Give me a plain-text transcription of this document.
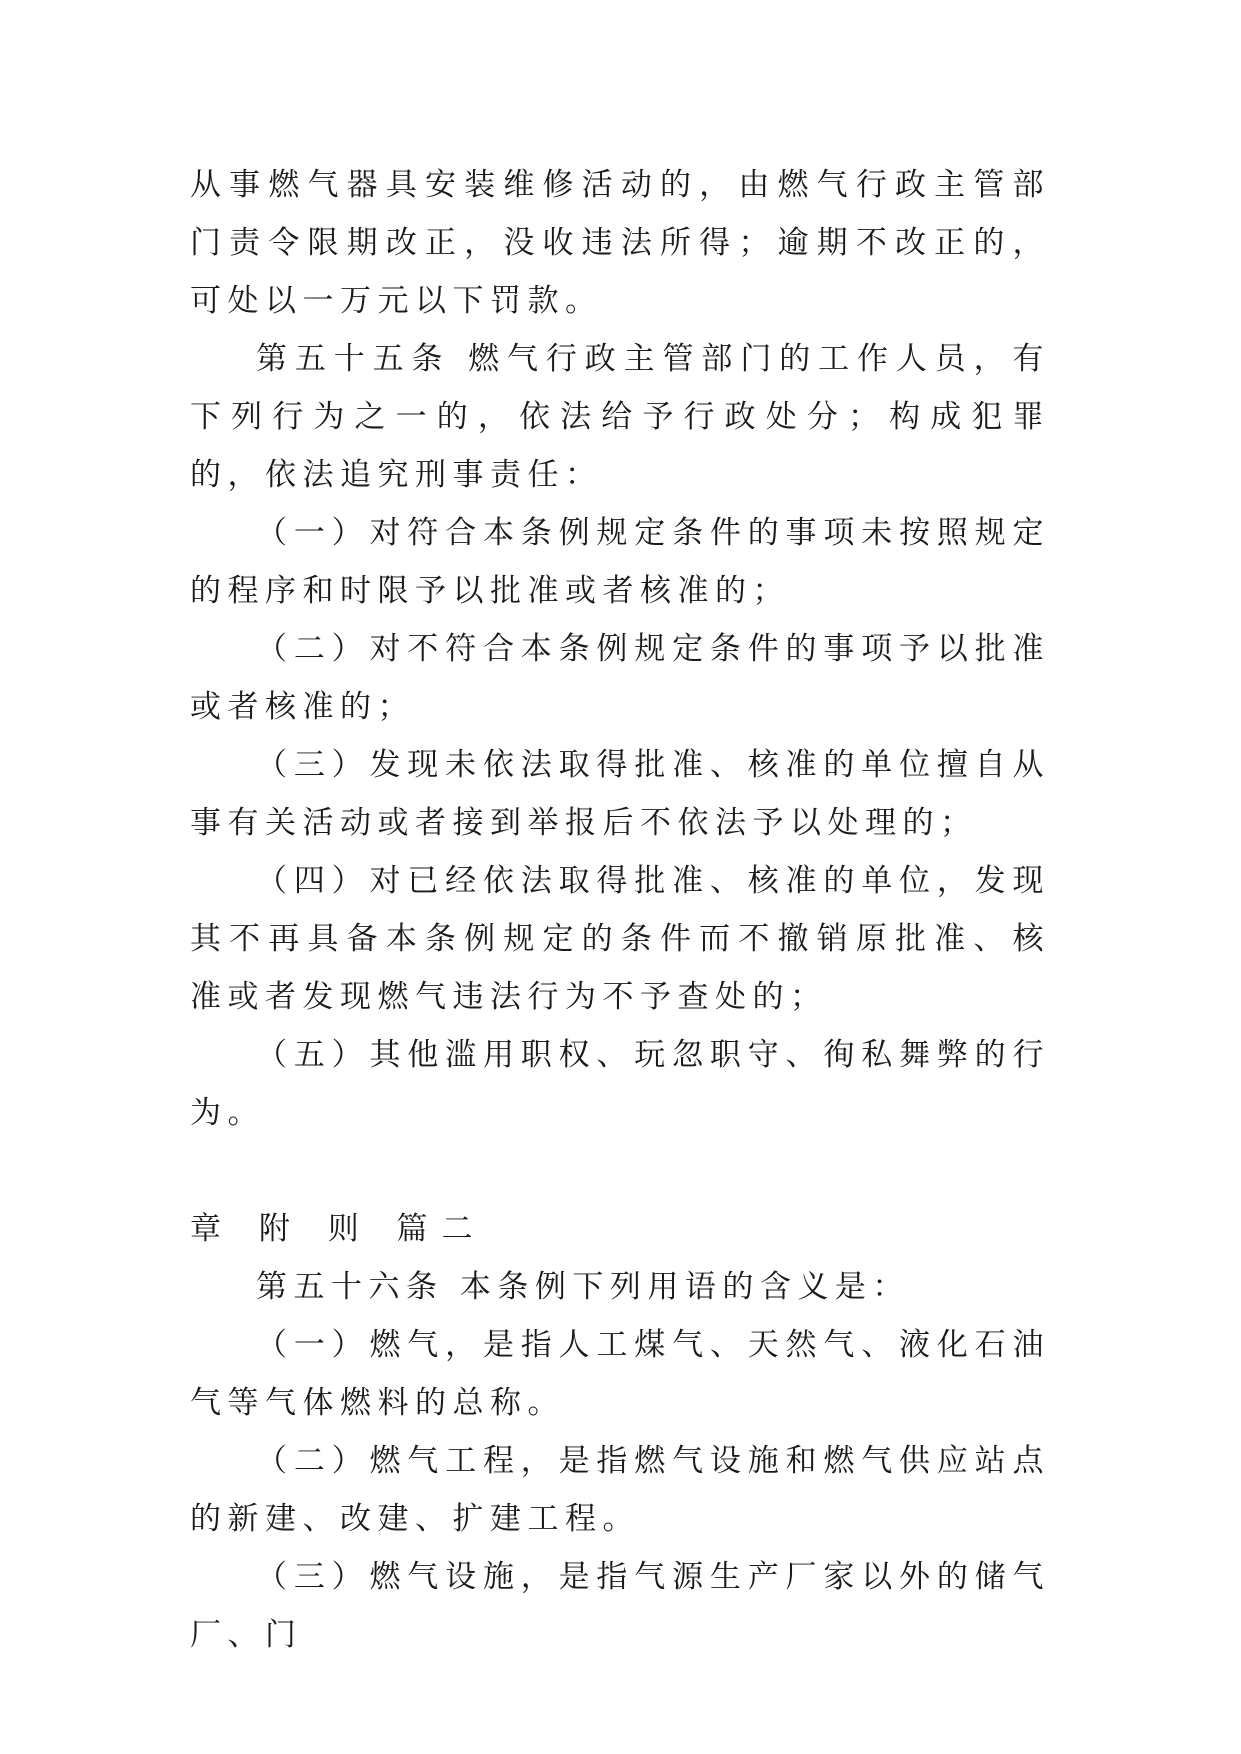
从事燃气器具安装维修活动的，由燃气行政主管部门责令限期改正，没收违法所得；逾期不改正的，可处以一万元以下罚款。

第五十五条 燃气行政主管部门的工作人员，有下列行为之一的，依法给予行政处分；构成犯罪的，依法追究刑事责任：

（一）对符合本条例规定条件的事项未按照规定的程序和时限予以批准或者核准的；

（二）对不符合本条例规定条件的事项予以批准或者核准的；

（三）发现未依法取得批准、核准的单位擅自从事有关活动或者接到举报后不依法予以处理的；

（四）对已经依法取得批准、核准的单位，发现其不再具备本条例规定的条件而不撤销原批准、核准或者发现燃气违法行为不予查处的；

（五）其他滥用职权、玩忽职守、徇私舞弊的行为。

章 附 则 篇二

第五十六条 本条例下列用语的含义是：

（一）燃气，是指人工煤气、天然气、液化石油气等气体燃料的总称。

（二）燃气工程，是指燃气设施和燃气供应站点的新建、改建、扩建工程。

（三）燃气设施，是指气源生产厂家以外的储气厂、门
